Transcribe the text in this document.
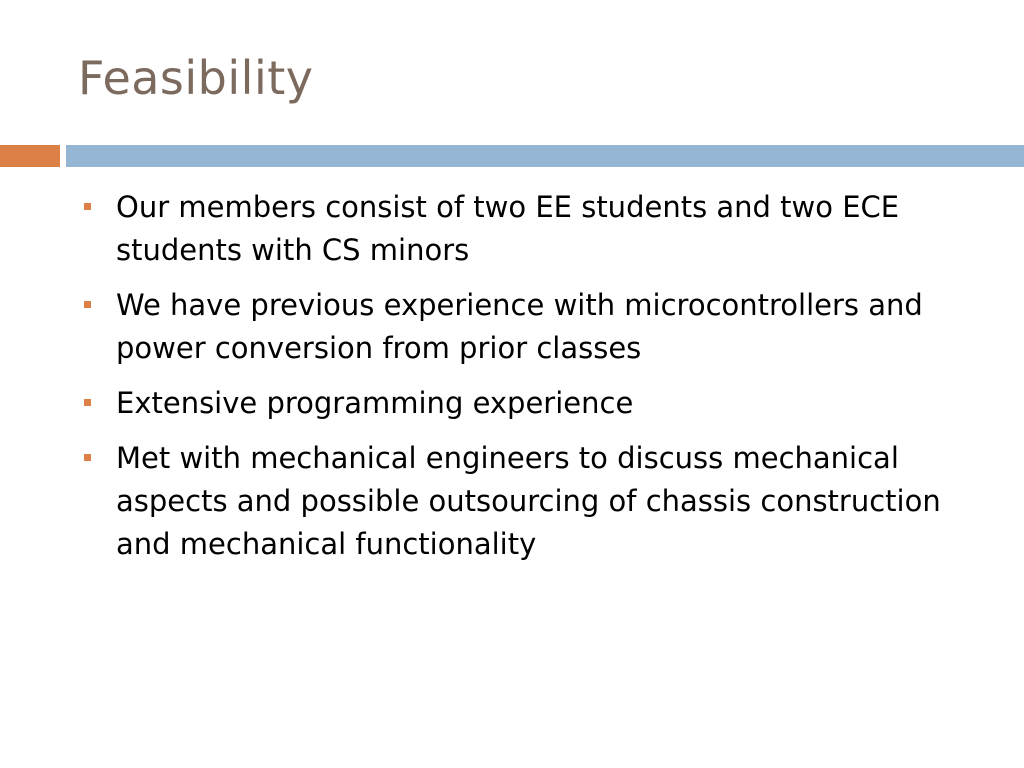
Feasibility
Our members consist of two EE students and two ECE students with CS minors
We have previous experience with microcontrollers and power conversion from prior classes
Extensive programming experience
Met with mechanical engineers to discuss mechanical aspects and possible outsourcing of chassis construction and mechanical functionality
